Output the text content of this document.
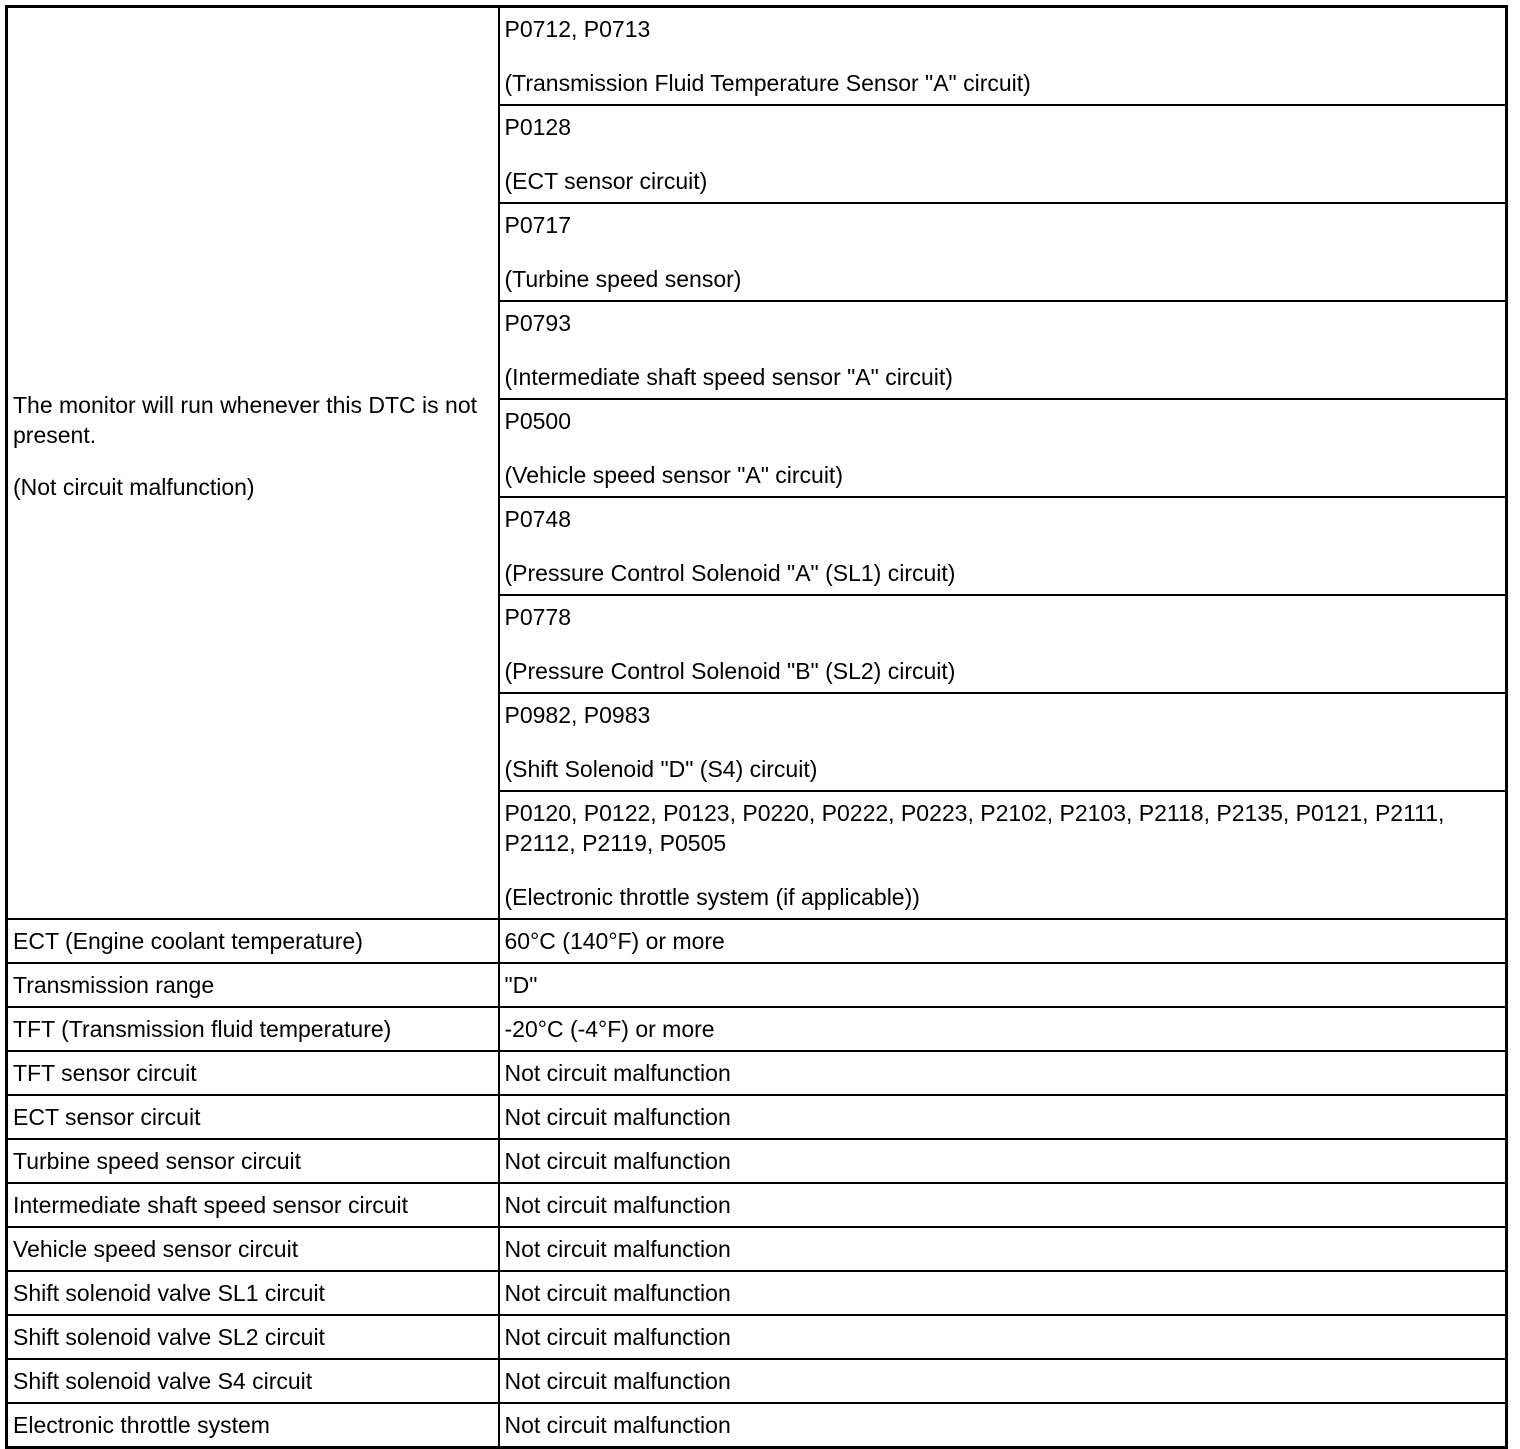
The monitor will run whenever this DTC is not present.
(Not circuit malfunction)	P0712, P0713
(Transmission Fluid Temperature Sensor "A" circuit)

	P0128
(ECT sensor circuit)

	P0717
(Turbine speed sensor)

	P0793
(Intermediate shaft speed sensor "A" circuit)

	P0500
(Vehicle speed sensor "A" circuit)

	P0748
(Pressure Control Solenoid "A" (SL1) circuit)

	P0778
(Pressure Control Solenoid "B" (SL2) circuit)

	P0982, P0983
(Shift Solenoid "D" (S4) circuit)

	P0120, P0122, P0123, P0220, P0222, P0223, P2102, P2103, P2118, P2135, P0121, P2111, P2112, P2119, P0505
(Electronic throttle system (if applicable))

ECT (Engine coolant temperature)	60°C (140°F) or more
Transmission range	"D"
TFT (Transmission fluid temperature)	-20°C (-4°F) or more
TFT sensor circuit	Not circuit malfunction
ECT sensor circuit	Not circuit malfunction
Turbine speed sensor circuit	Not circuit malfunction
Intermediate shaft speed sensor circuit	Not circuit malfunction
Vehicle speed sensor circuit	Not circuit malfunction
Shift solenoid valve SL1 circuit	Not circuit malfunction
Shift solenoid valve SL2 circuit	Not circuit malfunction
Shift solenoid valve S4 circuit	Not circuit malfunction
Electronic throttle system	Not circuit malfunction
